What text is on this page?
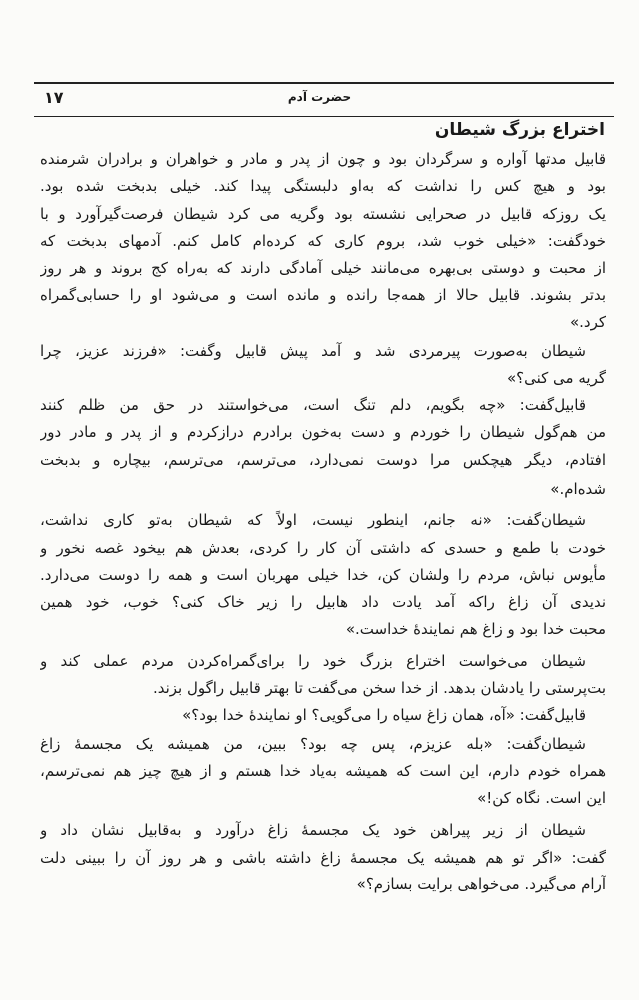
۱۷	حضرت آدم
اختراع بزرگ شیطان
قابیل مدتها آواره و سرگردان بود و چون از پدر و مادر و خواهران و برادران شرمنده
بود و هیچ کس را نداشت که به‌او دلبستگی پیدا کند. خیلی بدبخت شده بود.
یک روزکه قابیل در صحرایی نشسته بود وگریه می کرد شیطان فرصت‌گیرآورد و با
خودگفت: «خیلی خوب شد، بروم کاری که کرده‌ام کامل کنم. آدمهای بدبخت که
از محبت و دوستی بی‌بهره می‌مانند خیلی آمادگی دارند که به‌راه کج بروند و هر روز
بدتر بشوند. قابیل حالا از همه‌جا رانده و مانده است و می‌شود او را حسابی‌گمراه
کرد.»
شیطان به‌صورت پیرمردی شد و آمد پیش قابیل وگفت: «فرزند عزیز، چرا
گریه می کنی؟»
قابیل‌گفت: «چه بگویم، دلم تنگ است، می‌خواستند در حق من ظلم کنند
من هم‌گول شیطان را خوردم و دست به‌خون برادرم درازکردم و از پدر و مادر دور
افتادم، دیگر هیچکس مرا دوست نمی‌دارد، می‌ترسم، می‌ترسم، بیچاره و بدبخت
شده‌ام.»
شیطان‌گفت: «نه جانم، اینطور نیست، اولاً که شیطان به‌تو کاری نداشت،
خودت با طمع و حسدی که داشتی آن کار را کردی، بعدش هم بیخود غصه نخور و
مأیوس نباش، مردم را ولشان کن، خدا خیلی مهربان است و همه را دوست می‌دارد.
ندیدی آن زاغ راکه آمد یادت داد هابیل را زیر خاک کنی؟ خوب، خود همین
محبت خدا بود و زاغ هم نمایندهٔ خداست.»
شیطان می‌خواست اختراع بزرگ خود را برای‌گمراه‌کردن مردم عملی کند و
بت‌پرستی را یادشان بدهد. از خدا سخن می‌گفت تا بهتر قابیل راگول بزند.
قابیل‌گفت: «آه، همان زاغ سیاه را می‌گویی؟ او نمایندهٔ خدا بود؟»
شیطان‌گفت: «بله عزیزم، پس چه بود؟ ببین، من همیشه یک مجسمهٔ زاغ
همراه خودم دارم، این است که همیشه به‌یاد خدا هستم و از هیچ چیز هم نمی‌ترسم،
این است. نگاه کن!»
شیطان از زیر پیراهن خود یک مجسمهٔ زاغ درآورد و به‌قابیل نشان داد و
گفت: «اگر تو هم همیشه یک مجسمهٔ زاغ داشته باشی و هر روز آن را ببینی دلت
آرام می‌گیرد. می‌خواهی برایت بسازم؟»
